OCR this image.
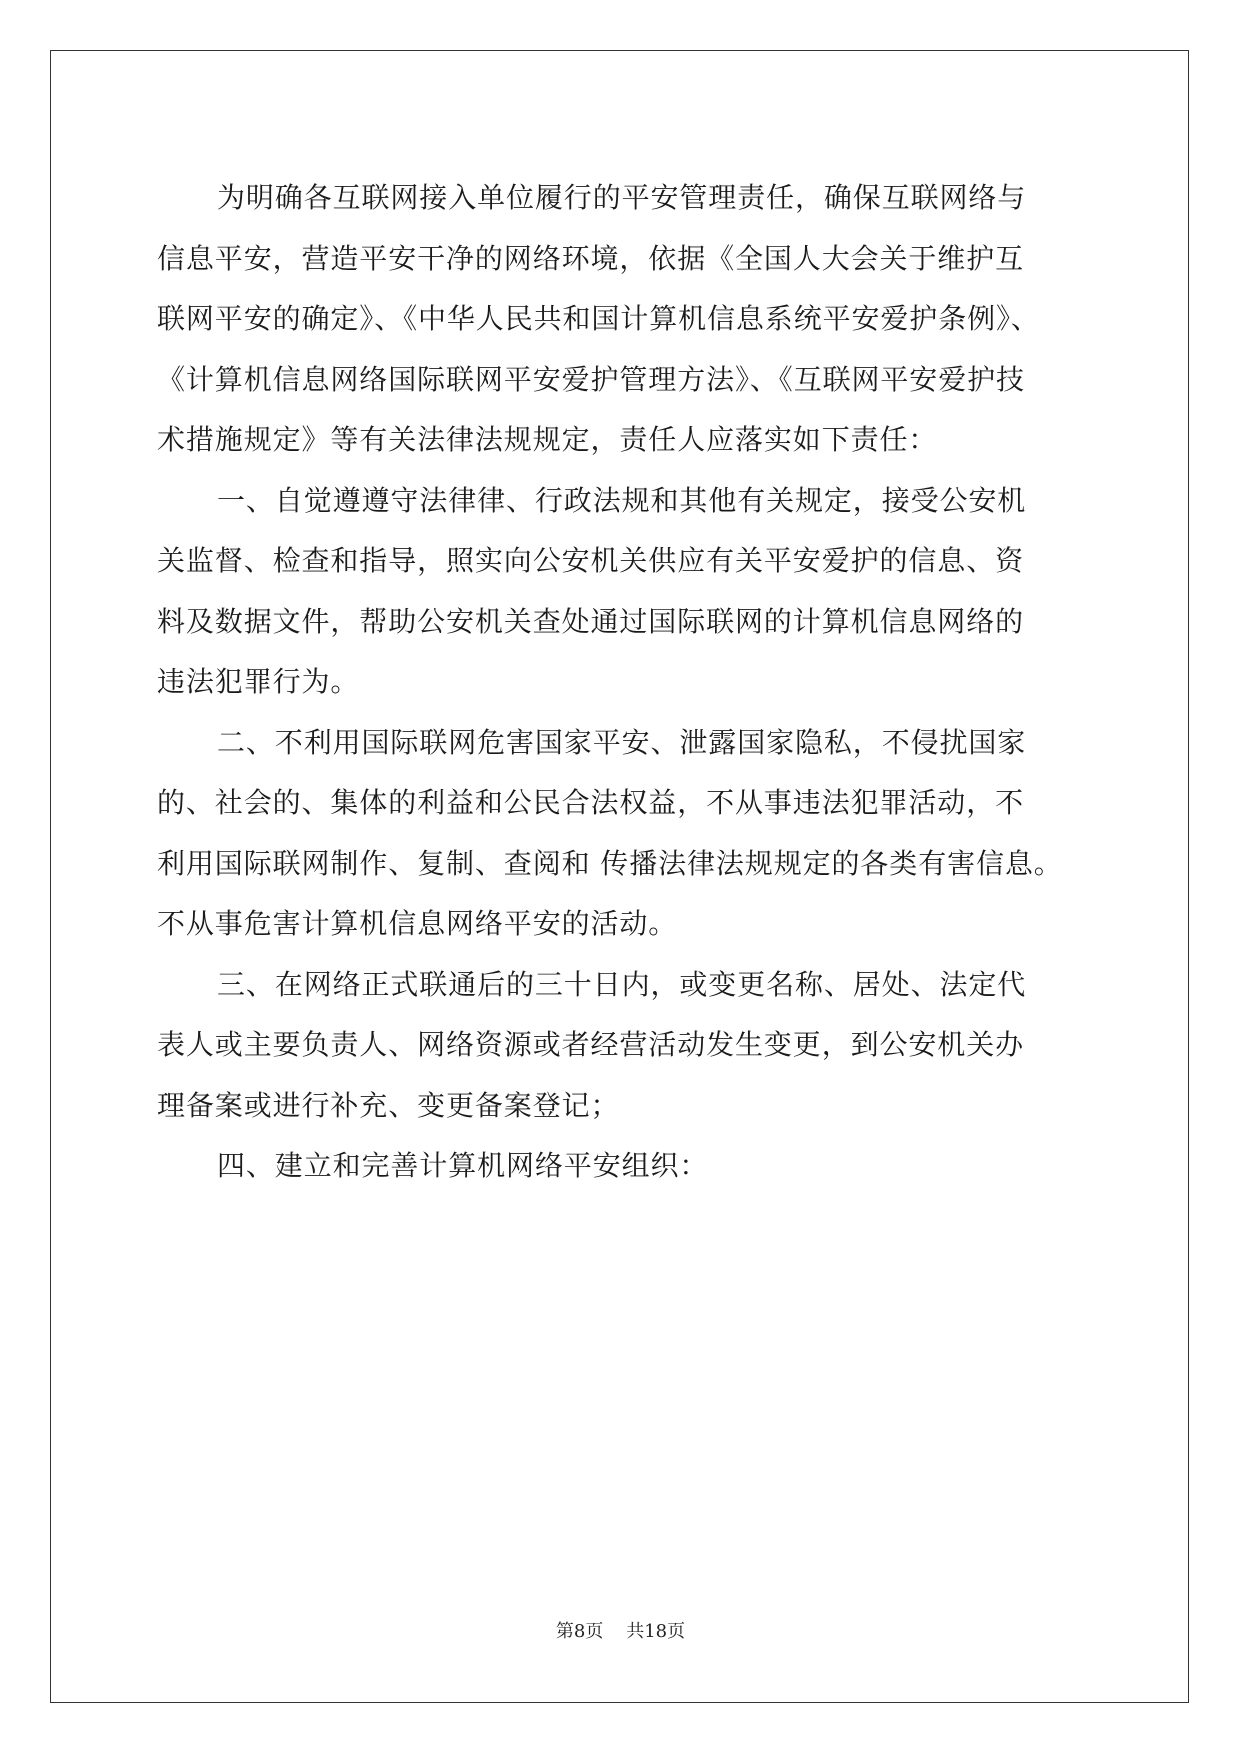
为明确各互联网接入单位履行的平安管理责任，确保互联网络与
信息平安，营造平安干净的网络环境，依据《全国人大会关于维护互
联网平安的确定》、《中华人民共和国计算机信息系统平安爱护条例》、
《计算机信息网络国际联网平安爱护管理方法》、《互联网平安爱护技
术措施规定》等有关法律法规规定，责任人应落实如下责任：
一、自觉遵遵守法律律、行政法规和其他有关规定，接受公安机
关监督、检查和指导，照实向公安机关供应有关平安爱护的信息、资
料及数据文件，帮助公安机关查处通过国际联网的计算机信息网络的
违法犯罪行为。
二、不利用国际联网危害国家平安、泄露国家隐私，不侵扰国家
的、社会的、集体的利益和公民合法权益，不从事违法犯罪活动，不
利用国际联网制作、复制、查阅和 传播法律法规规定的各类有害信息。
不从事危害计算机信息网络平安的活动。
三、在网络正式联通后的三十日内，或变更名称、居处、法定代
表人或主要负责人、网络资源或者经营活动发生变更，到公安机关办
理备案或进行补充、变更备案登记；
四、建立和完善计算机网络平安组织：
第8页 共18页
